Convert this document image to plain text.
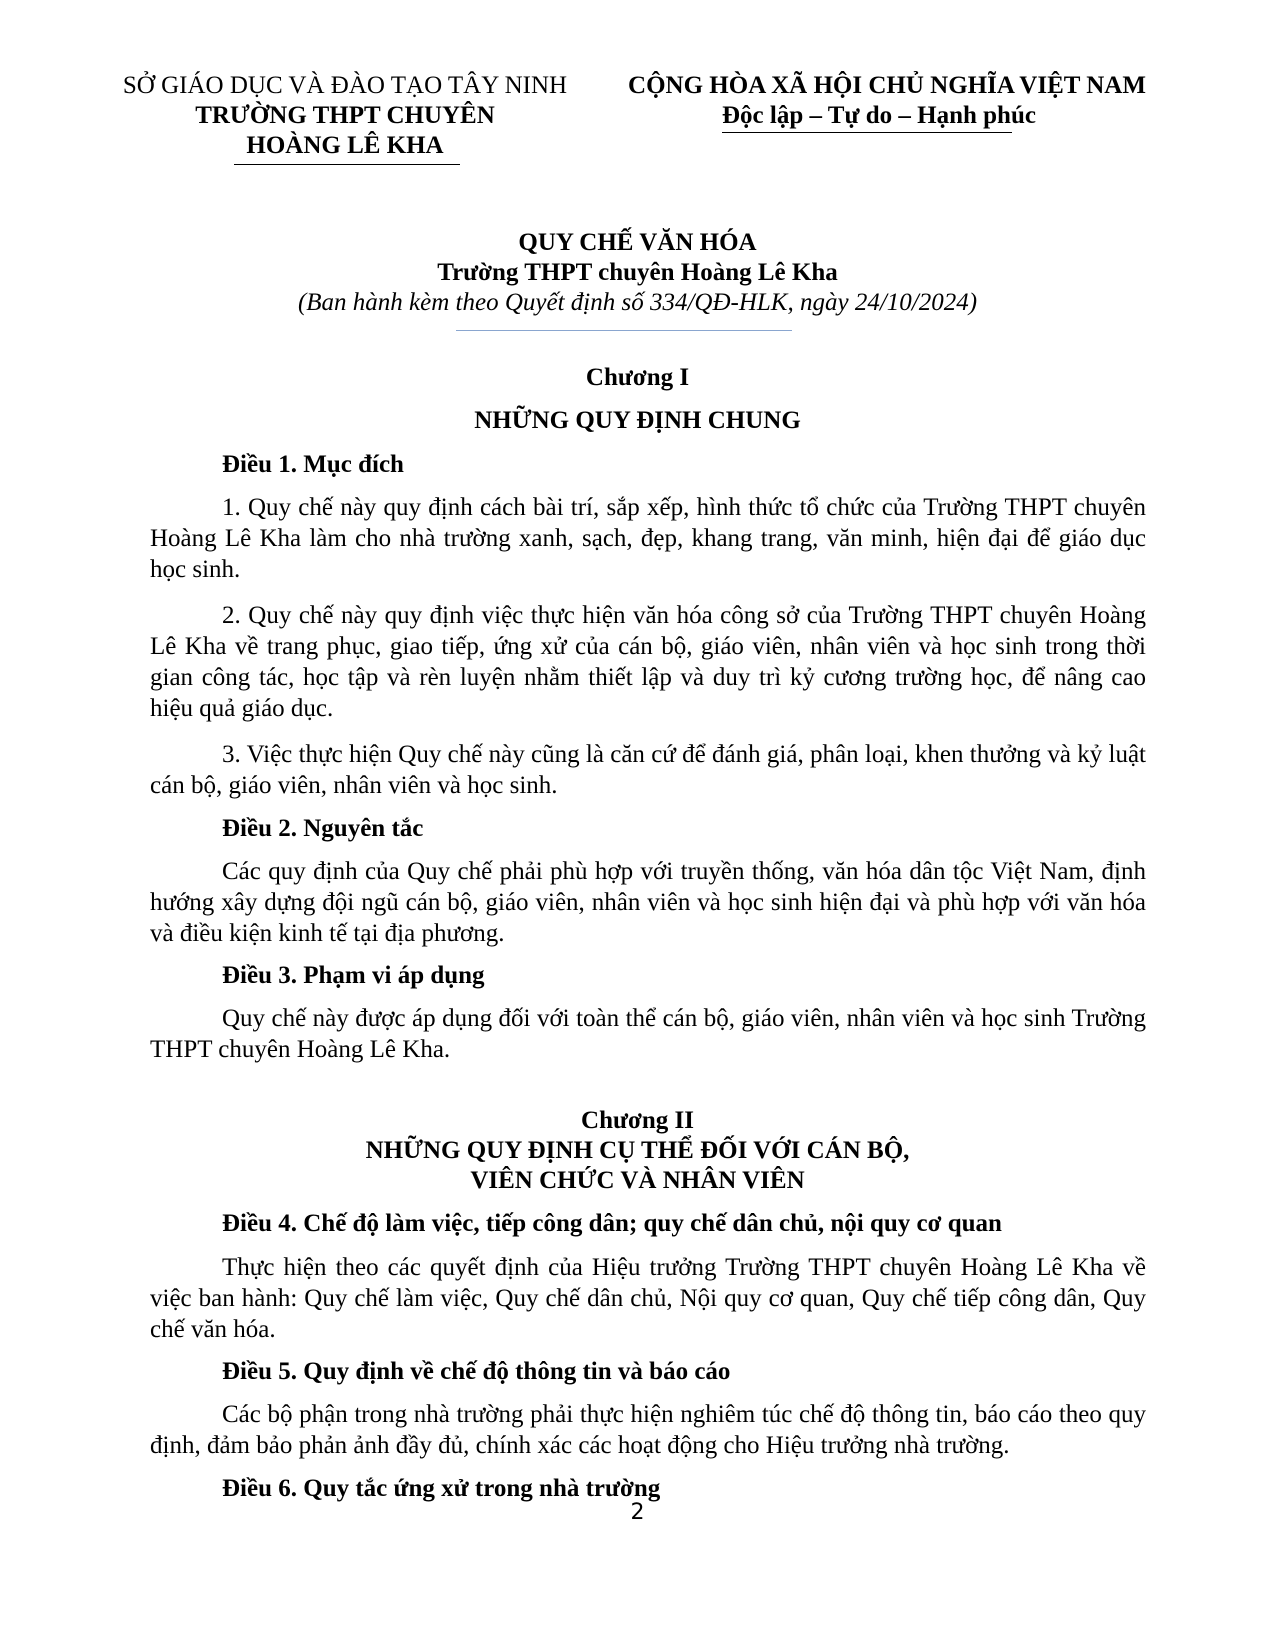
SỞ GIÁO DỤC VÀ ĐÀO TẠO TÂY NINH
TRƯỜNG THPT CHUYÊN
HOÀNG LÊ KHA
CỘNG HÒA XÃ HỘI CHỦ NGHĨA VIỆT NAM
Độc lập – Tự do – Hạnh phúc
QUY CHẾ VĂN HÓA
Trường THPT chuyên Hoàng Lê Kha
(Ban hành kèm theo Quyết định số 334/QĐ-HLK, ngày 24/10/2024)
Chương I
NHỮNG QUY ĐỊNH CHUNG
Điều 1. Mục đích
1. Quy chế này quy định cách bài trí, sắp xếp, hình thức tổ chức của Trường THPT chuyên Hoàng Lê Kha làm cho nhà trường xanh, sạch, đẹp, khang trang, văn minh, hiện đại để giáo dục học sinh.
2. Quy chế này quy định việc thực hiện văn hóa công sở của Trường THPT chuyên Hoàng Lê Kha về trang phục, giao tiếp, ứng xử của cán bộ, giáo viên, nhân viên và học sinh trong thời gian công tác, học tập và rèn luyện nhằm thiết lập và duy trì kỷ cương trường học, để nâng cao hiệu quả giáo dục.
3. Việc thực hiện Quy chế này cũng là căn cứ để đánh giá, phân loại, khen thưởng và kỷ luật cán bộ, giáo viên, nhân viên và học sinh.
Điều 2. Nguyên tắc
Các quy định của Quy chế phải phù hợp với truyền thống, văn hóa dân tộc Việt Nam, định hướng xây dựng đội ngũ cán bộ, giáo viên, nhân viên và học sinh hiện đại và phù hợp với văn hóa và điều kiện kinh tế tại địa phương.
Điều 3. Phạm vi áp dụng
Quy chế này được áp dụng đối với toàn thể cán bộ, giáo viên, nhân viên và học sinh Trường THPT chuyên Hoàng Lê Kha.
Chương II
NHỮNG QUY ĐỊNH CỤ THỂ ĐỐI VỚI CÁN BỘ,
VIÊN CHỨC VÀ NHÂN VIÊN
Điều 4. Chế độ làm việc, tiếp công dân; quy chế dân chủ, nội quy cơ quan
Thực hiện theo các quyết định của Hiệu trưởng Trường THPT chuyên Hoàng Lê Kha về việc ban hành: Quy chế làm việc, Quy chế dân chủ, Nội quy cơ quan, Quy chế tiếp công dân, Quy chế văn hóa.
Điều 5. Quy định về chế độ thông tin và báo cáo
Các bộ phận trong nhà trường phải thực hiện nghiêm túc chế độ thông tin, báo cáo theo quy định, đảm bảo phản ảnh đầy đủ, chính xác các hoạt động cho Hiệu trưởng nhà trường.
Điều 6. Quy tắc ứng xử trong nhà trường
2
